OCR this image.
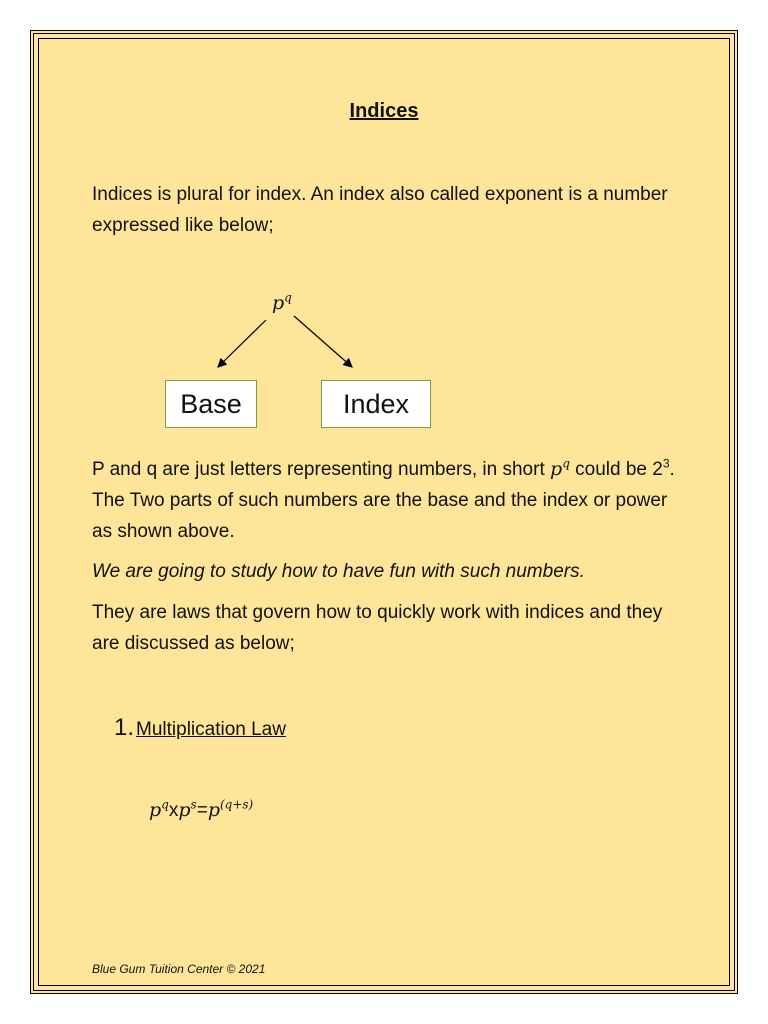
Indices
Indices is plural for index. An index also called exponent is a number expressed like below;
$p^q$
Base	Index
P and q are just letters representing numbers, in short $p^q$ could be $2^3$. The Two parts of such numbers are the base and the index or power as shown above.
We are going to study how to have fun with such numbers.
They are laws that govern how to quickly work with indices and they are discussed as below;
1. Multiplication Law
$p^qxp^s=p^{(q+s)}$
Blue Gum Tuition Center © 2021
